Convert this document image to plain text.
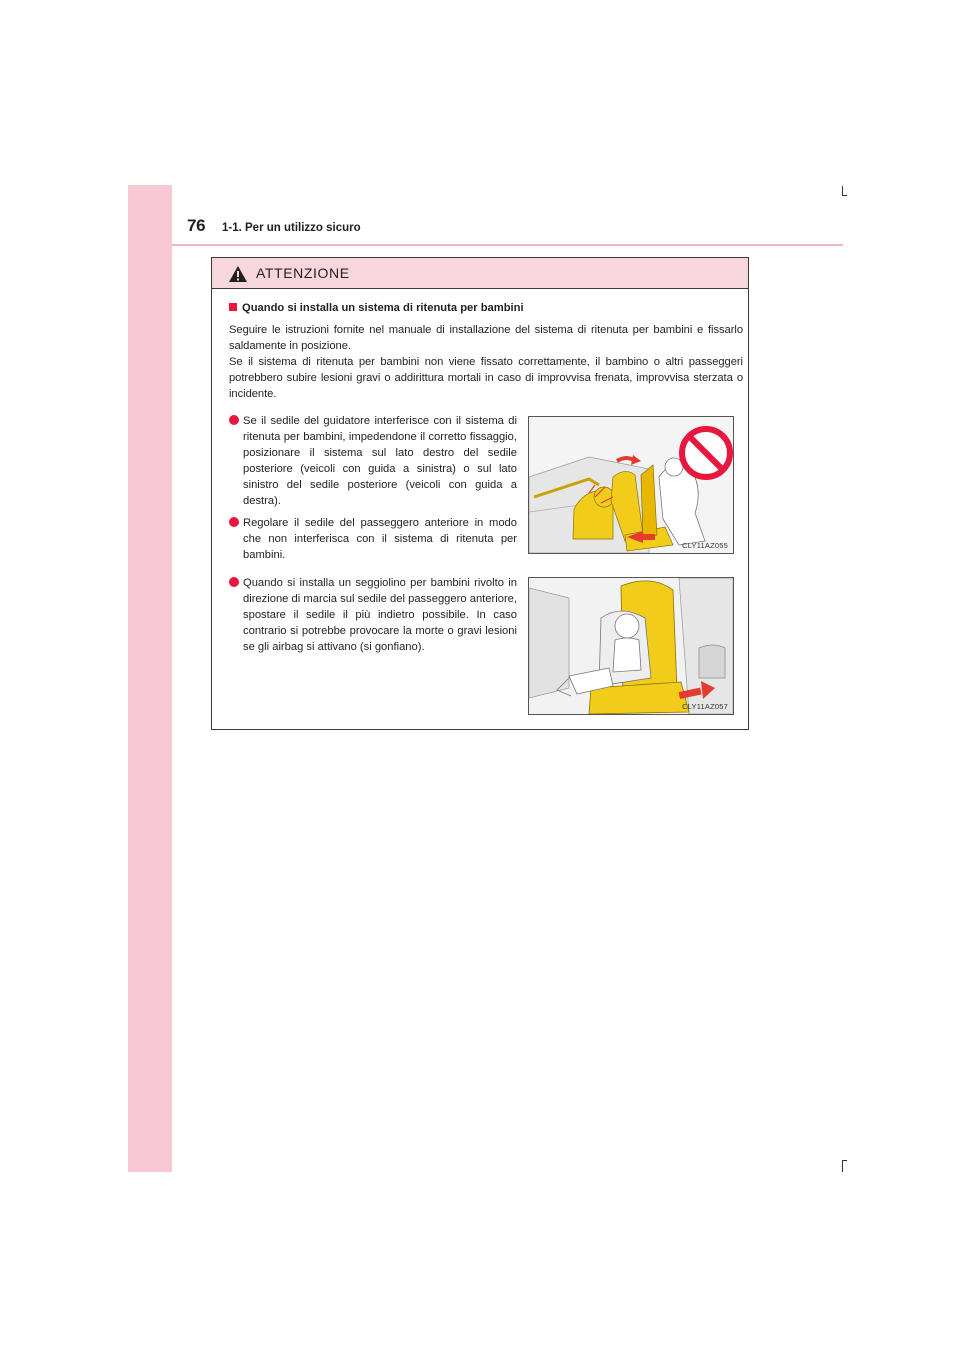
76 1-1. Per un utilizzo sicuro
ATTENZIONE
Quando si installa un sistema di ritenuta per bambini
Seguire le istruzioni fornite nel manuale di installazione del sistema di ritenuta per bambini e fissarlo saldamente in posizione.
Se il sistema di ritenuta per bambini non viene fissato correttamente, il bambino o altri passeggeri potrebbero subire lesioni gravi o addirittura mortali in caso di improvvisa frenata, improvvisa sterzata o incidente.
Se il sedile del guidatore interferisce con il sistema di ritenuta per bambini, impedendone il corretto fissaggio, posizionare il sistema sul lato destro del sedile posteriore (veicoli con guida a sinistra) o sul lato sinistro del sedile posteriore (veicoli con guida a destra).
Regolare il sedile del passeggero anteriore in modo che non interferisca con il sistema di ritenuta per bambini.
Quando si installa un seggiolino per bambini rivolto in direzione di marcia sul sedile del passeggero anteriore, spostare il sedile il più indietro possibile. In caso contrario si potrebbe provocare la morte o gravi lesioni se gli airbag si attivano (si gonfiano).
CLY11AZ055
CLY11AZ057
